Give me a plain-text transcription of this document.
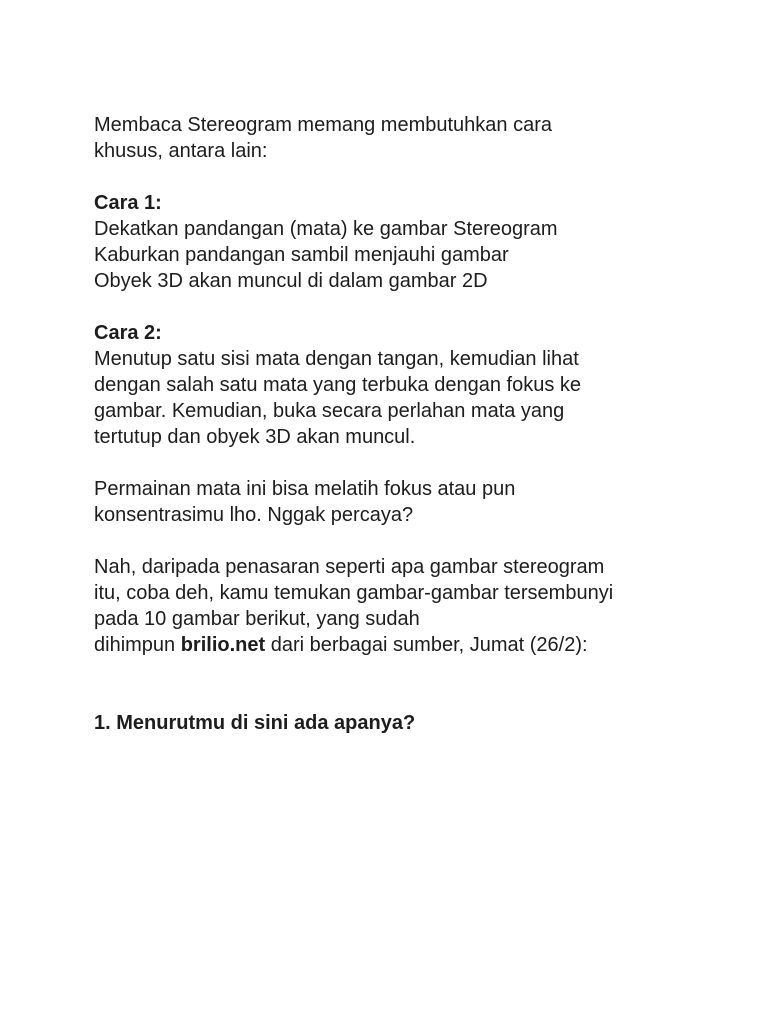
Membaca Stereogram memang membutuhkan cara
khusus, antara lain:

Cara 1:
Dekatkan pandangan (mata) ke gambar Stereogram
Kaburkan pandangan sambil menjauhi gambar
Obyek 3D akan muncul di dalam gambar 2D

Cara 2:
Menutup satu sisi mata dengan tangan, kemudian lihat
dengan salah satu mata yang terbuka dengan fokus ke
gambar. Kemudian, buka secara perlahan mata yang
tertutup dan obyek 3D akan muncul.

Permainan mata ini bisa melatih fokus atau pun
konsentrasimu lho. Nggak percaya?

Nah, daripada penasaran seperti apa gambar stereogram
itu, coba deh, kamu temukan gambar-gambar tersembunyi
pada 10 gambar berikut, yang sudah
dihimpun brilio.net dari berbagai sumber, Jumat (26/2):

1. Menurutmu di sini ada apanya?
